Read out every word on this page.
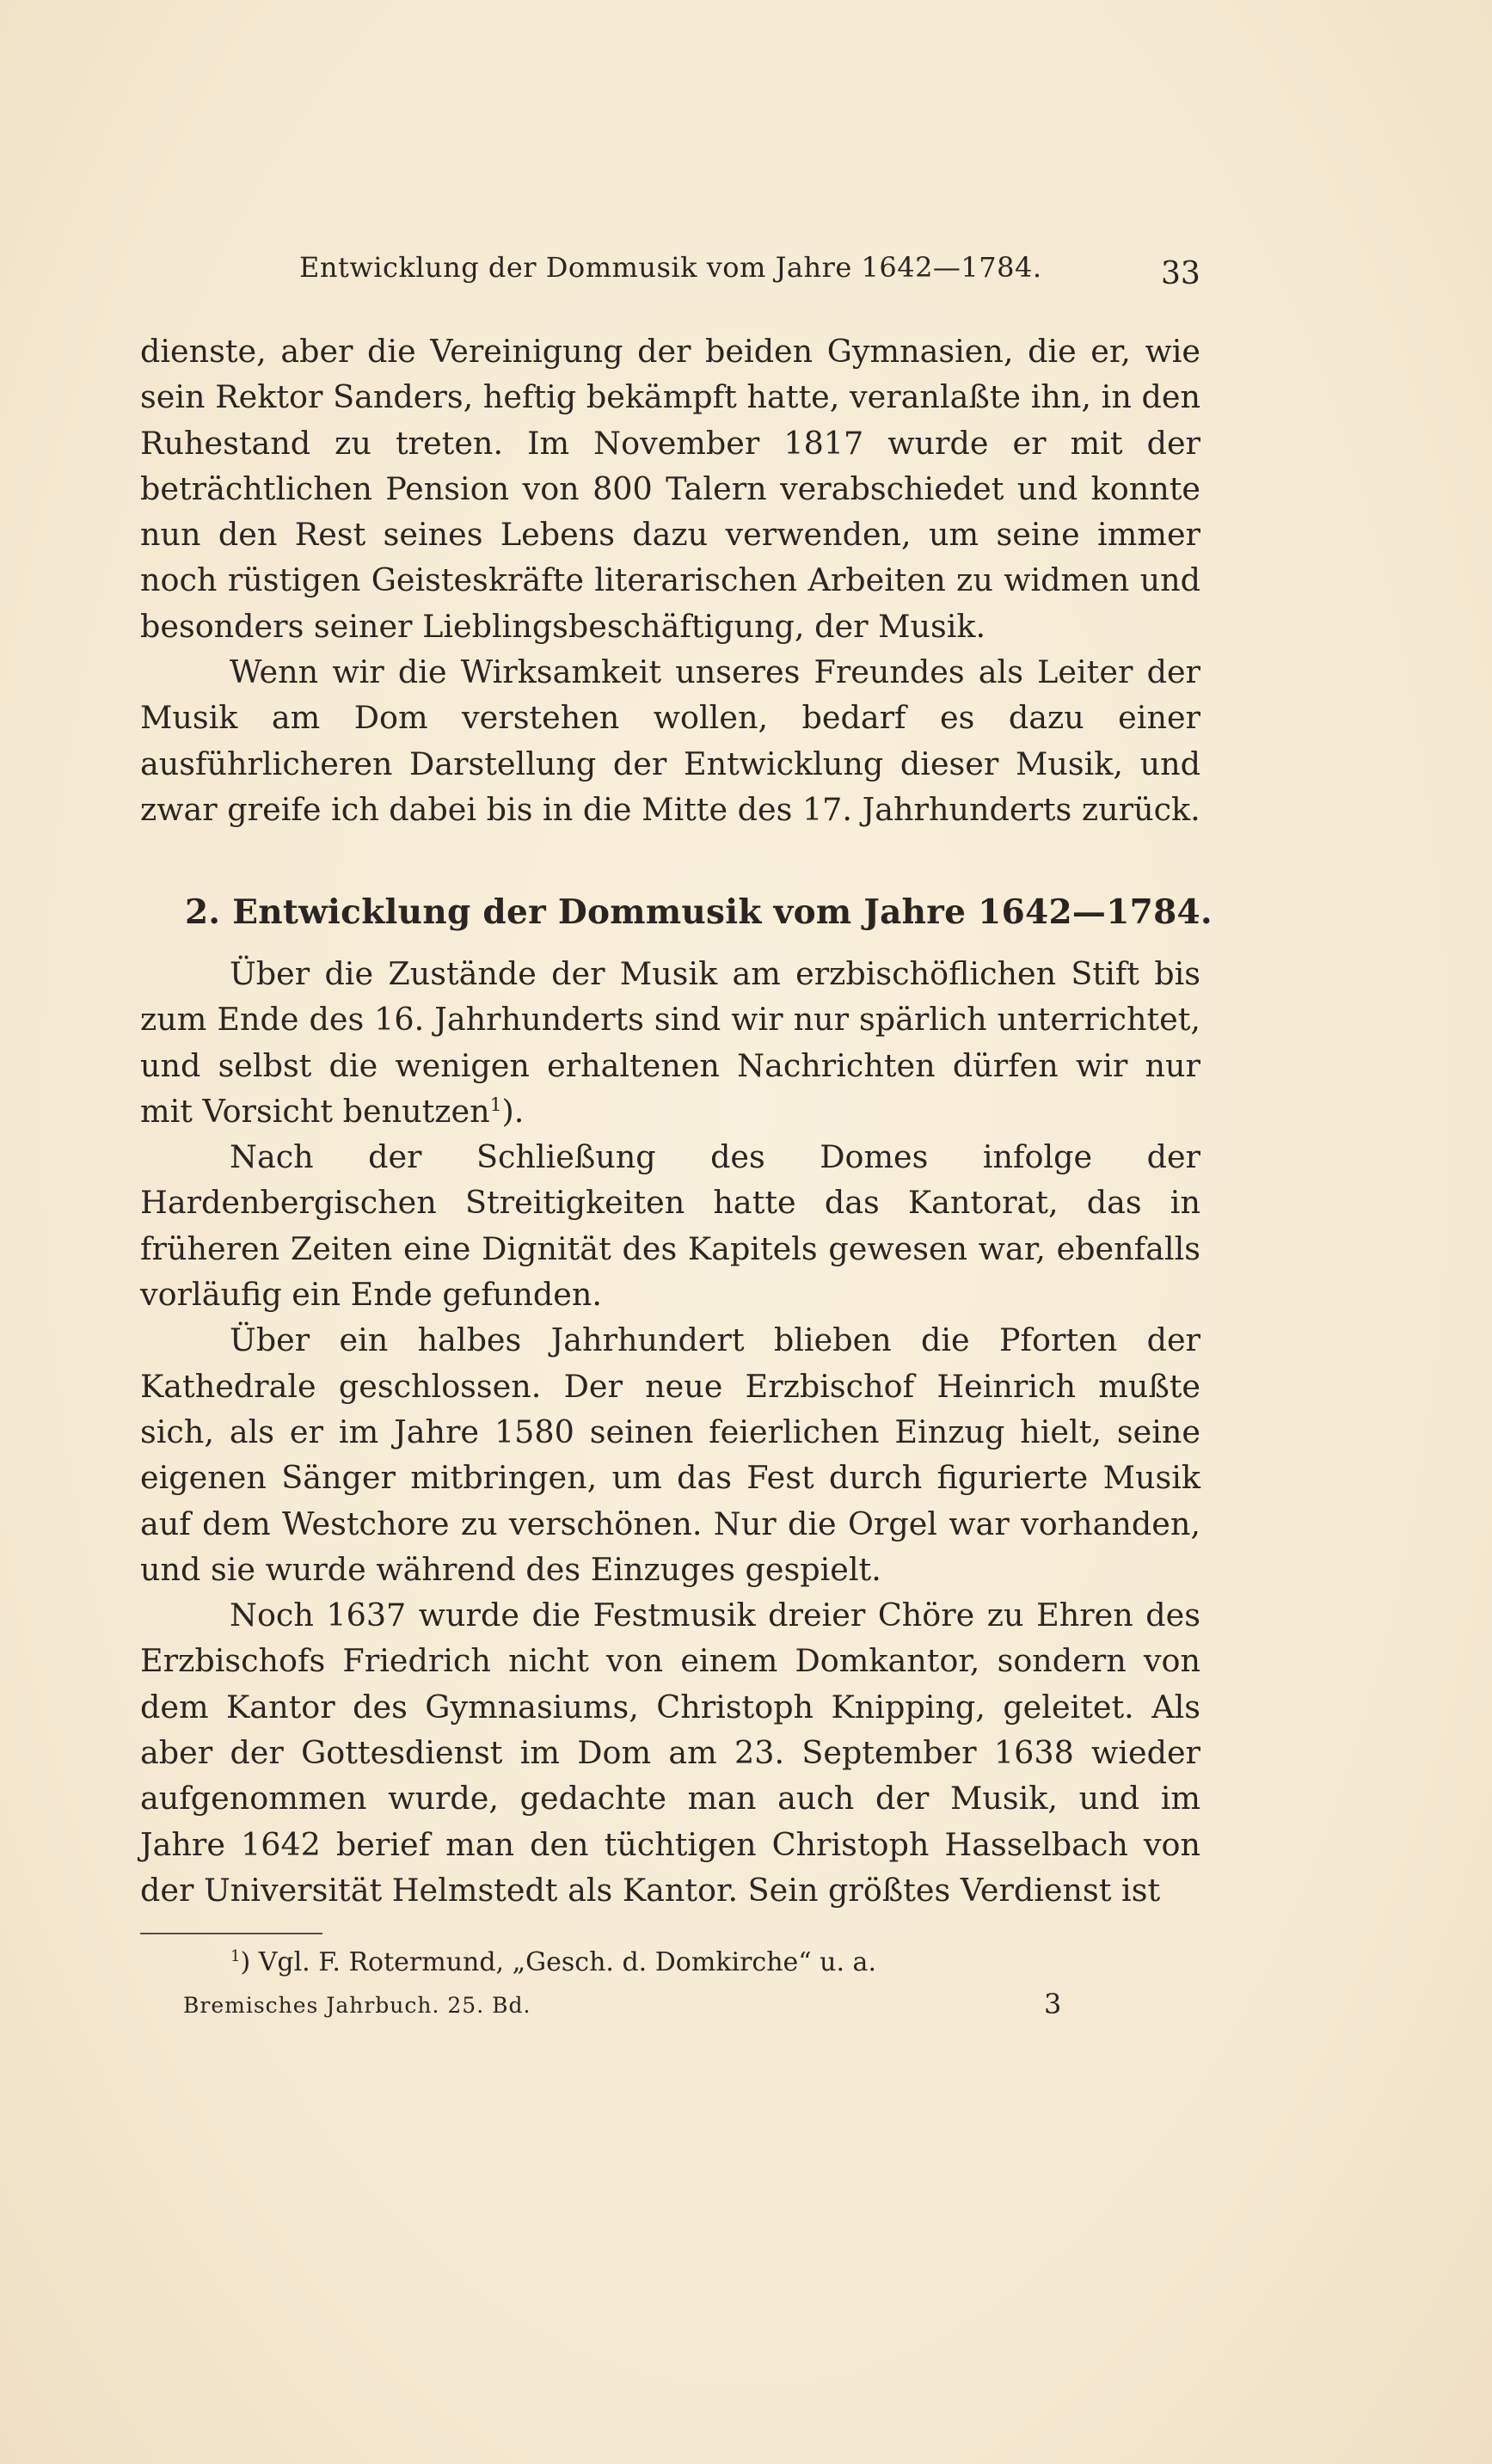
Entwicklung der Dommusik vom Jahre 1642—1784.	33

dienste, aber die Vereinigung der beiden Gymnasien, die er, wie sein Rektor Sanders, heftig bekämpft hatte, veranlaßte ihn, in den Ruhestand zu treten. Im November 1817 wurde er mit der beträchtlichen Pension von 800 Talern verabschiedet und konnte nun den Rest seines Lebens dazu verwenden, um seine immer noch rüstigen Geisteskräfte literarischen Arbeiten zu widmen und besonders seiner Lieblingsbeschäftigung, der Musik.

Wenn wir die Wirksamkeit unseres Freundes als Leiter der Musik am Dom verstehen wollen, bedarf es dazu einer ausführlicheren Darstellung der Entwicklung dieser Musik, und zwar greife ich dabei bis in die Mitte des 17. Jahrhunderts zurück.

2. Entwicklung der Dommusik vom Jahre 1642—1784.

Über die Zustände der Musik am erzbischöflichen Stift bis zum Ende des 16. Jahrhunderts sind wir nur spärlich unterrichtet, und selbst die wenigen erhaltenen Nachrichten dürfen wir nur mit Vorsicht benutzen$^1$).

Nach der Schließung des Domes infolge der Hardenbergischen Streitigkeiten hatte das Kantorat, das in früheren Zeiten eine Dignität des Kapitels gewesen war, ebenfalls vorläufig ein Ende gefunden.

Über ein halbes Jahrhundert blieben die Pforten der Kathedrale geschlossen. Der neue Erzbischof Heinrich mußte sich, als er im Jahre 1580 seinen feierlichen Einzug hielt, seine eigenen Sänger mitbringen, um das Fest durch figurierte Musik auf dem Westchore zu verschönen. Nur die Orgel war vorhanden, und sie wurde während des Einzuges gespielt.

Noch 1637 wurde die Festmusik dreier Chöre zu Ehren des Erzbischofs Friedrich nicht von einem Domkantor, sondern von dem Kantor des Gymnasiums, Christoph Knipping, geleitet. Als aber der Gottesdienst im Dom am 23. September 1638 wieder aufgenommen wurde, gedachte man auch der Musik, und im Jahre 1642 berief man den tüchtigen Christoph Hasselbach von der Universität Helmstedt als Kantor. Sein größtes Verdienst ist

$^1$) Vgl. F. Rotermund, „Gesch. d. Domkirche“ u. a.
Bremisches Jahrbuch. 25. Bd.	3
